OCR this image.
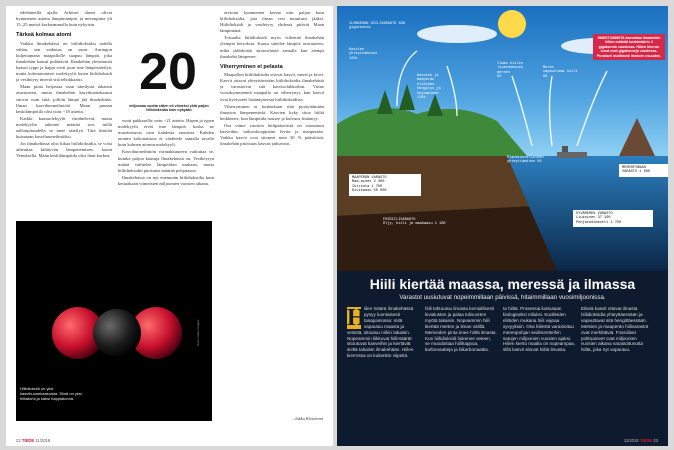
edeltäneillä ajalla. Arktiset alueet olivat kymmenen astetta lämpimämpiä, ja merenpinta yli 15–25 metriä korkeammalla kuin nykyisin.

Tärkeä kolmas atomi

Vaikka ilmakehässä on hiilidioksidia todella vähän, sen vaikutus on suuri. Auringon kuljettamana maapallolle saapuu lämpöä, joka ilmakehän kaasut pidättävät. Ilmakehän yleisimmät kaasut typpi ja happi eivät juuri ime lämpösäteilyä, mutta kolmiatomiset molekyylit kuten hiilidioksidi ja vesihöyry imevät sitä tehokkaasti.

Maan pinta heijastaa osan säteilystä takaisin avaruuteen, mutta ilmakehän kasvihuonekaasut sitovat osan siitä, jolloin lämpö jää ilmakehään. Ilman kasvihuoneilmiötä Maan pinnan keskilämpötila olisi noin −18 astetta.

Kaikki kaasuolekyylit värähtelevät, mutta molekyylin rakenne määrää sen, millä aallonpituudella se imee säteilyä. Tätä ilmiötä kutsutaan kasvihuoneilmiöksi.

Jos ilmakehässä olisi liikaa hiilidioksidia, se voisi aiheuttaa kiihtyvän lämpenemisen, kuten Venuksella. Maan keskilämpötila olisi liian korkea.

20
miljoonaa vuotta sitten oli viimeksi yhtä paljon hiilidioksidia kuin nykyään

vuoti pakkasella: noin −21 astetta. Hapen ja typen molekyylit eivät ime lämpöä, koska ne muodostuvat vain kahdesta atomista. Kahden atomin kokonaisuus ei värähtele samalla tavalla kuin kolmen atomin molekyyli.

Kasvihuoneilmiön voimakkuuteen vaikuttaa se, kuinka paljon kaasuja ilmakehässä on. Vesihöyryn määrä vaihtelee lämpötilan mukaan, mutta hiilidioksidin pitoisuus määrää pohjatason.

Ilmakehässä on nyt enemmän hiilidioksidia kuin kertaakaan viimeisten miljoonien vuosien aikana.

arvioitu kymmenen kertaa niin paljon kuin hiilidioksidia, jota ilman vesi muuttuisi jääksi. Hiilidioksidi ja vesihöyry yhdessä pitävät Maan lämpimänä.

Toisaalta hiilidioksidi myös viilentää ilmakehän ylempiä kerroksia. Kaasu säteilee lämpöä avaruuteen, mikä jäähdyttää stratosfääriä samalla kun alempi ilmakehä lämpenee.

Viherryminen ei pelasta

Maapallon hiilidioksidia sitovat kasvit, meret ja kivet. Kasvit ottavat yhteyttäessään hiilidioksidia ilmakehästä ja varastoivat sitä kasvisolukkoihin. Viime vuosikymmeninä maapallo on viherrynyt, kun kasvit ovat hyötyneet lisääntyneestä hiilidioksidista.

Viherryminen ei kuitenkaan riitä pysäyttämään ilmaston lämpenemistä. Kasvien kyky sitoa hiiltä heikkenee, kun lämpötila nousee ja kuivuus lisääntyy.

Osa viime vuosien hiilipäästöistä on sitoutunut kasveihin, mikroskooppisiin leviin ja maaperään. Vaikka kasvit ovat sitoneet noin 30 % päästöistä, ilmakehän pitoisuus kasvaa jatkuvasti.

–Jukka Kiviniemi
Hiilidioksidi on yksi kasvihuonekaasuista. Siinä on yksi hiiliatomi ja kaksi happiatomia.
Kuva: Getty Images
22 TIEDE 11/2018
ILMAKEHÄN HIILIVARASTO 830 gigatonnia
Kasvien
yhteyttäminen
120±
Kasvien ja
maaperän
eliöiden
hengitys ja
hajoaminen
119±
Ilman hiilen
liukeneminen
mereen
92
Meren
vapauttama hiili
90
IHMISTOIMINTA kasvattaa ilmakehän hiilen määrää keskimäärin 4 gigatonnia vuodessa. Hiilen kierron luvut ovat gigatonneja vuodessa. Punaiset osoittavat ihmisen osuuden.
Planktonseliöiden
yhteyttäminen 50
MERENPINNAN
VARASTO 1 000
MAAPERÄN VARASTO
Maa-aines 2 300
Ikirouta 1 700
Kivikaasu 50 000
FOSSIILIVARASTO
Öljy, hiili ja maakaasu 1 100
SYVÄMEREN VARASTO
Liukoinen 37 100
Pohjasedimentti 1 750
Hiili kiertää maassa, meressä ja ilmassa
Varastot uusiutuvat nopeimmillaan päivissä, hitaimmillaan vuosimiljoonissa.
H

iilen määrä ilmakehässä pysyy luontaisesti tasapainossa: mitä vapautuu maasta ja vesistä, sitoutuu niihin takaisin. Nopeammin liikkuvat hiilimäärät sitoutuvat kasveihin ja kiertävät sieltä takaisin ilmakehään. Hiilen kierrossa on kuitenkin viipeitä.

hiili tahtoutuu ilmasta kemiallisesti kivialusten ja palaa tulivuorten myötä takaisin. Nopeammin hiili kiertää merten ja ilman välillä. Meriveden pinta imee hiiltä ilmasta. Kun hiilidioksidi liukenee veteen, se muodostaa hiilihappoa, karbonaatteja ja bikarbonaattia.

ta hiiltä. Prosessia kutsutaan biologiseksi niiluksi. Kuolleiden eliöiden mukana hiili vajoaa syvyyksiin. Osa hiilestä varastoituu merenpohjan sedimentteihin satojen miljoonien vuosien ajaksi. Hiilen kierto maalla on nopeampaa, sillä kasvit sitovat hiiltä ilmasta.

Eläviä kasvit ottavat ilmasta hiilidioksidia yhteyttäessään ja vapauttavat sitä hengittäessään. Metsien ja maaperän hiilivarastot ovat merkittäviä. Fossiiliset polttoaineet ovat miljoonien vuosien aikana varastoitunutta hiiltä, joka nyt vapautuu.

11/2018 TIEDE 23
